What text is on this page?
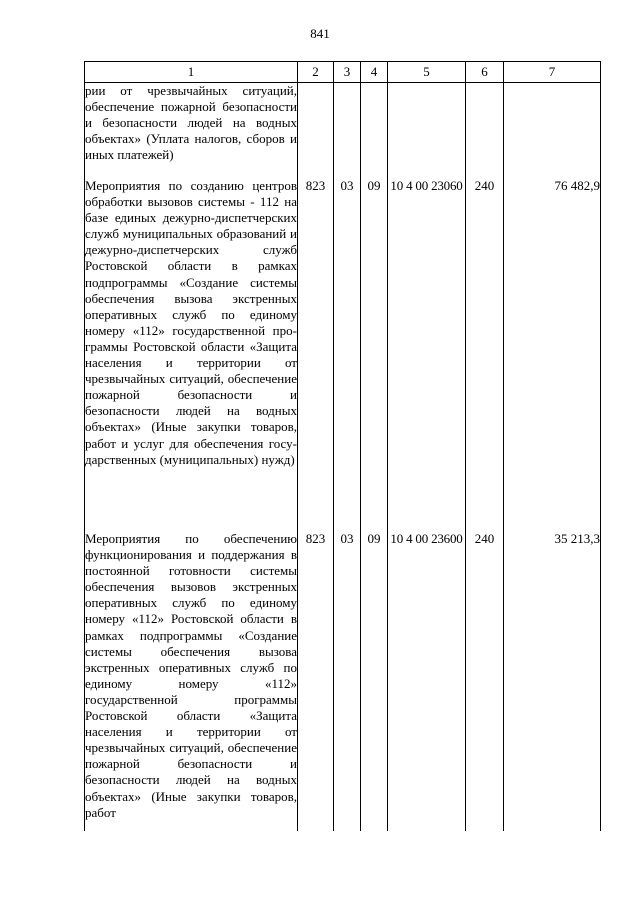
841
1	2	3	4	5	6	7
рии от чрезвычайных ситуаций, обеспечение пожарной безопасности и безопасности людей на водных объектах» (Уплата налогов, сборов и иных платежей)						
Мероприятия по созданию центров обработки вызовов системы - 112 на базе единых дежурно-диспетчерских служб муниципальных образований и дежурно-диспетчерских служб Ростовской области в рамках подпрограммы «Создание системы обеспечения вызова экстренных оперативных служб по единому номеру «112» государственной программы Ростовской области «Защита населения и территории от чрезвычайных ситуаций, обеспечение пожарной безопасности и безопасности людей на водных объектах» (Иные закупки товаров, работ и услуг для обеспечения государственных (муниципальных) нужд)	823	03	09	10 4 00 23060	240	76 482,9
Мероприятия по обеспечению функционирования и поддержания в постоянной готовности системы обеспечения вызовов экстренных оперативных служб по единому номеру «112» Ростовской области в рамках подпрограммы «Создание системы обеспечения вызова экстренных оперативных служб по единому номеру «112» государственной программы Ростовской области «Защита населения и территории от чрезвычайных ситуаций, обеспечение пожарной безопасности и безопасности людей на водных объектах» (Иные закупки товаров, работ	823	03	09	10 4 00 23600	240	35 213,3
